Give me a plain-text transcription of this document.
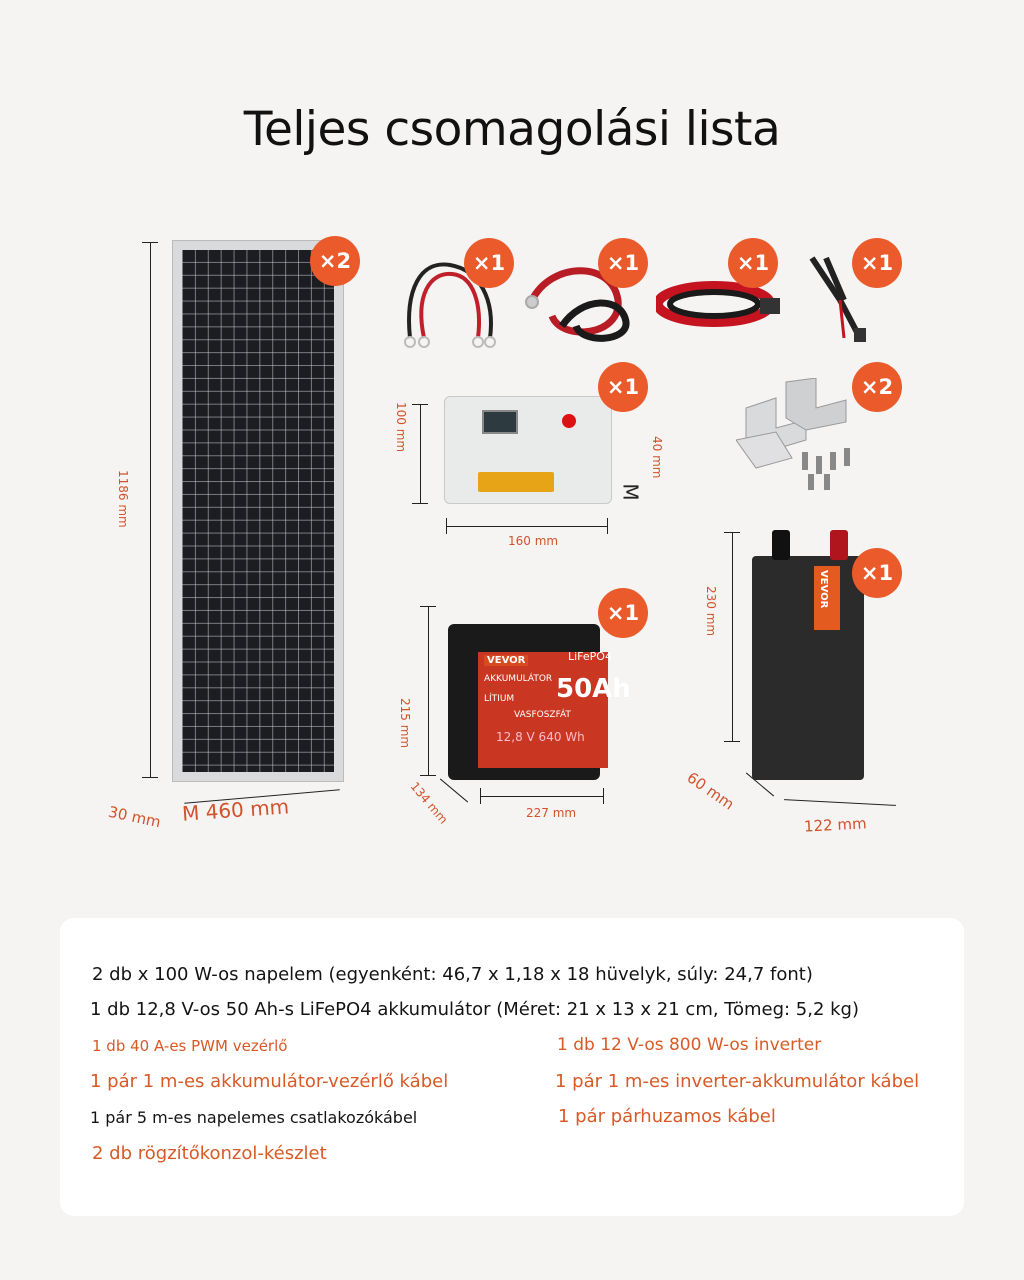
Teljes csomagolási lista
×2
1186 mm
30 mm M 460 mm
×1	×1	×1	×1
×1
100 mm
40 mm
M
160 mm
×2
VEVOR	LiFePO4
AKKUMULÁTOR
LÍTIUM
VASFOSZFÁT
50Ah
12,8 V 640 Wh
×1
215 mm
134 mm	227 mm
VEVOR	×1
230 mm
60 mm
122 mm
2 db x 100 W-os napelem (egyenként: 46,7 x 1,18 x 18 hüvelyk, súly: 24,7 font)
1 db 12,8 V-os 50 Ah-s LiFePO4 akkumulátor (Méret: 21 x 13 x 21 cm, Tömeg: 5,2 kg)
1 db 40 A-es PWM vezérlő	1 db 12 V-os 800 W-os inverter
1 pár 1 m-es akkumulátor-vezérlő kábel	1 pár 1 m-es inverter-akkumulátor kábel
1 pár 5 m-es napelemes csatlakozókábel	1 pár párhuzamos kábel
2 db rögzítőkonzol-készlet
